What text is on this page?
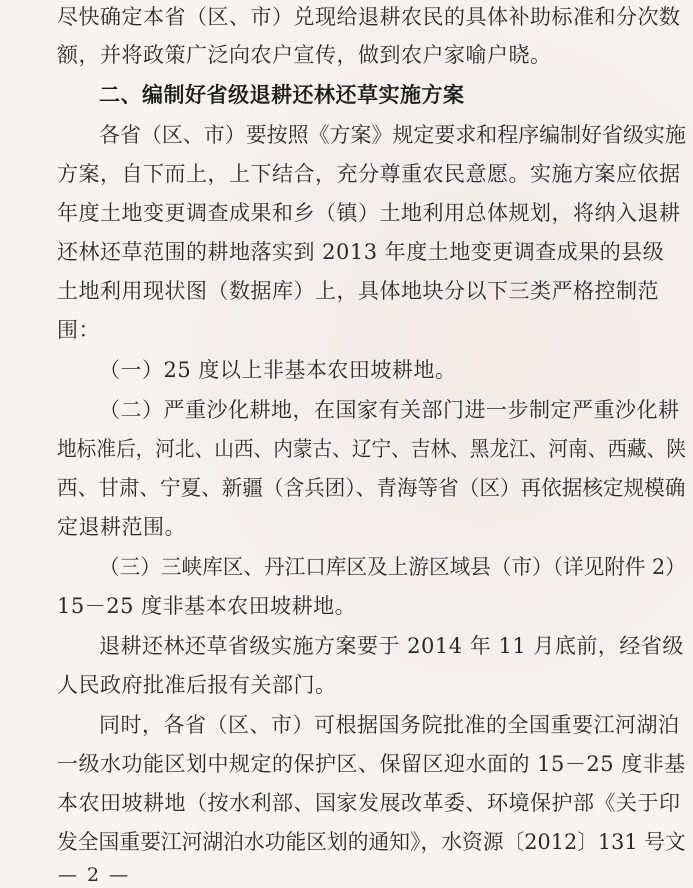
尽快确定本省（区、市）兑现给退耕农民的具体补助标准和分次数
额，并将政策广泛向农户宣传，做到农户家喻户晓。
二、编制好省级退耕还林还草实施方案
各省（区、市）要按照《方案》规定要求和程序编制好省级实施
方案，自下而上，上下结合，充分尊重农民意愿。实施方案应依据
年度土地变更调查成果和乡（镇）土地利用总体规划，将纳入退耕
还林还草范围的耕地落实到 2013 年度土地变更调查成果的县级
土地利用现状图（数据库）上，具体地块分以下三类严格控制范
围：
（一）25 度以上非基本农田坡耕地。
（二）严重沙化耕地，在国家有关部门进一步制定严重沙化耕
地标准后，河北、山西、内蒙古、辽宁、吉林、黑龙江、河南、西藏、陕
西、甘肃、宁夏、新疆（含兵团）、青海等省（区）再依据核定规模确
定退耕范围。
（三）三峡库区、丹江口库区及上游区域县（市）（详见附件 2）
15－25 度非基本农田坡耕地。
退耕还林还草省级实施方案要于 2014 年 11 月底前，经省级
人民政府批准后报有关部门。
同时，各省（区、市）可根据国务院批准的全国重要江河湖泊
一级水功能区划中规定的保护区、保留区迎水面的 15－25 度非基
本农田坡耕地（按水利部、国家发展改革委、环境保护部《关于印
发全国重要江河湖泊水功能区划的通知》，水资源〔2012〕131 号文
— 2 —
